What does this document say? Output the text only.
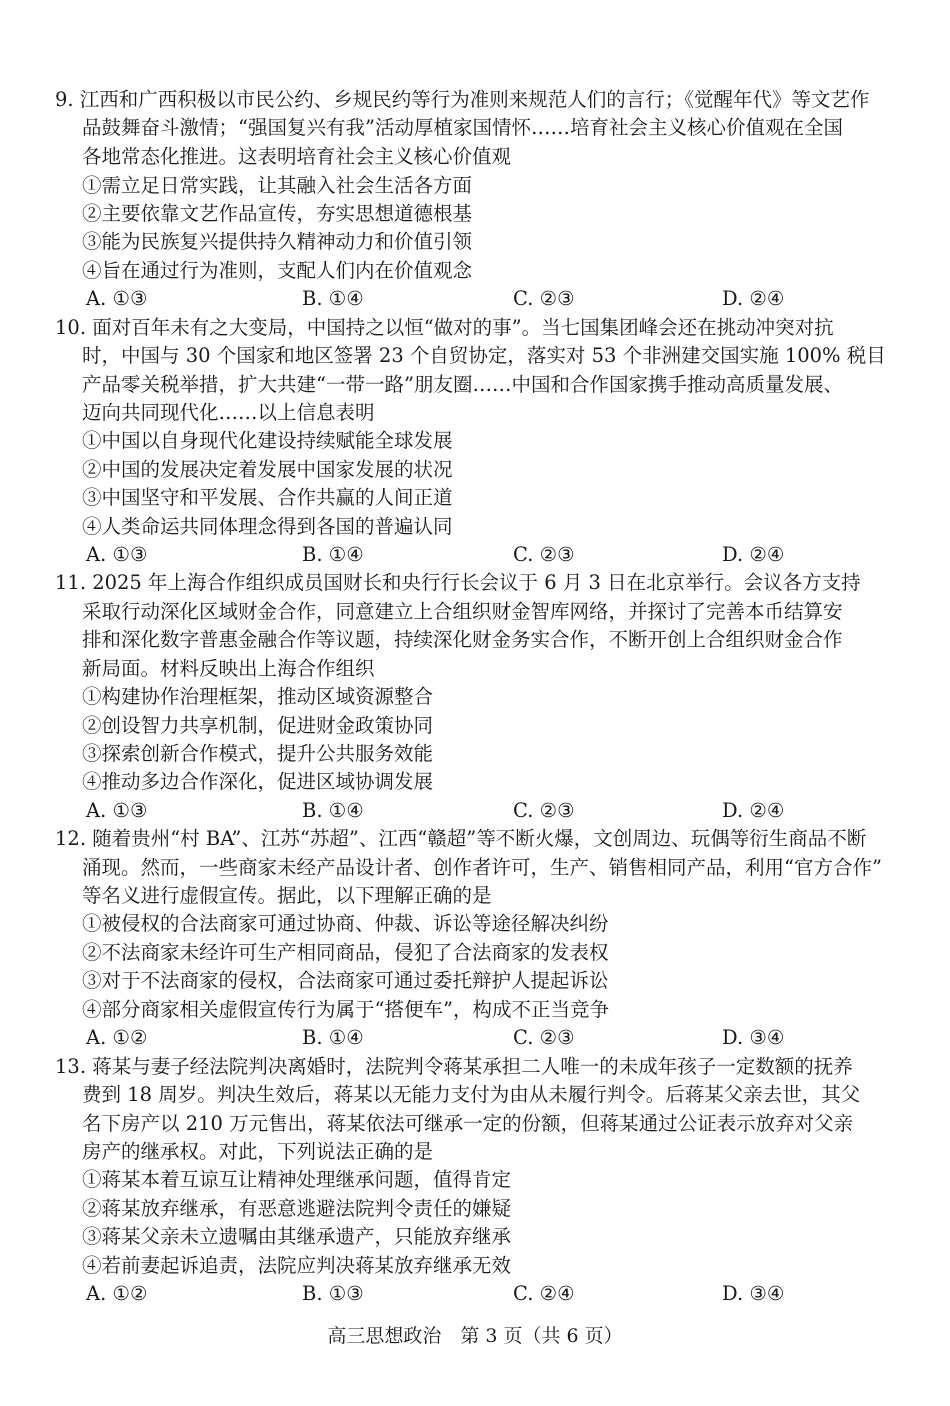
9. 江西和广西积极以市民公约、乡规民约等行为准则来规范人们的言行；《觉醒年代》等文艺作
品鼓舞奋斗激情；“强国复兴有我”活动厚植家国情怀……培育社会主义核心价值观在全国
各地常态化推进。这表明培育社会主义核心价值观
①需立足日常实践，让其融入社会生活各方面
②主要依靠文艺作品宣传，夯实思想道德根基
③能为民族复兴提供持久精神动力和价值引领
④旨在通过行为准则，支配人们内在价值观念
A. ①③	B. ①④	C. ②③	D. ②④
10. 面对百年未有之大变局，中国持之以恒“做对的事”。当七国集团峰会还在挑动冲突对抗
时，中国与 30 个国家和地区签署 23 个自贸协定，落实对 53 个非洲建交国实施 100% 税目
产品零关税举措，扩大共建“一带一路”朋友圈……中国和合作国家携手推动高质量发展、
迈向共同现代化……以上信息表明
①中国以自身现代化建设持续赋能全球发展
②中国的发展决定着发展中国家发展的状况
③中国坚守和平发展、合作共赢的人间正道
④人类命运共同体理念得到各国的普遍认同
A. ①③	B. ①④	C. ②③	D. ②④
11. 2025 年上海合作组织成员国财长和央行行长会议于 6 月 3 日在北京举行。会议各方支持
采取行动深化区域财金合作，同意建立上合组织财金智库网络，并探讨了完善本币结算安
排和深化数字普惠金融合作等议题，持续深化财金务实合作，不断开创上合组织财金合作
新局面。材料反映出上海合作组织
①构建协作治理框架，推动区域资源整合
②创设智力共享机制，促进财金政策协同
③探索创新合作模式，提升公共服务效能
④推动多边合作深化，促进区域协调发展
A. ①③	B. ①④	C. ②③	D. ②④
12. 随着贵州“村 BA”、江苏“苏超”、江西“赣超”等不断火爆，文创周边、玩偶等衍生商品不断
涌现。然而，一些商家未经产品设计者、创作者许可，生产、销售相同产品，利用“官方合作”
等名义进行虚假宣传。据此，以下理解正确的是
①被侵权的合法商家可通过协商、仲裁、诉讼等途径解决纠纷
②不法商家未经许可生产相同商品，侵犯了合法商家的发表权
③对于不法商家的侵权，合法商家可通过委托辩护人提起诉讼
④部分商家相关虚假宣传行为属于“搭便车”，构成不正当竞争
A. ①②	B. ①④	C. ②③	D. ③④
13. 蒋某与妻子经法院判决离婚时，法院判令蒋某承担二人唯一的未成年孩子一定数额的抚养
费到 18 周岁。判决生效后，蒋某以无能力支付为由从未履行判令。后蒋某父亲去世，其父
名下房产以 210 万元售出，蒋某依法可继承一定的份额，但蒋某通过公证表示放弃对父亲
房产的继承权。对此，下列说法正确的是
①蒋某本着互谅互让精神处理继承问题，值得肯定
②蒋某放弃继承，有恶意逃避法院判令责任的嫌疑
③蒋某父亲未立遗嘱由其继承遗产，只能放弃继承
④若前妻起诉追责，法院应判决蒋某放弃继承无效
A. ①②	B. ①③	C. ②④	D. ③④
高三思想政治　第 3 页（共 6 页）
